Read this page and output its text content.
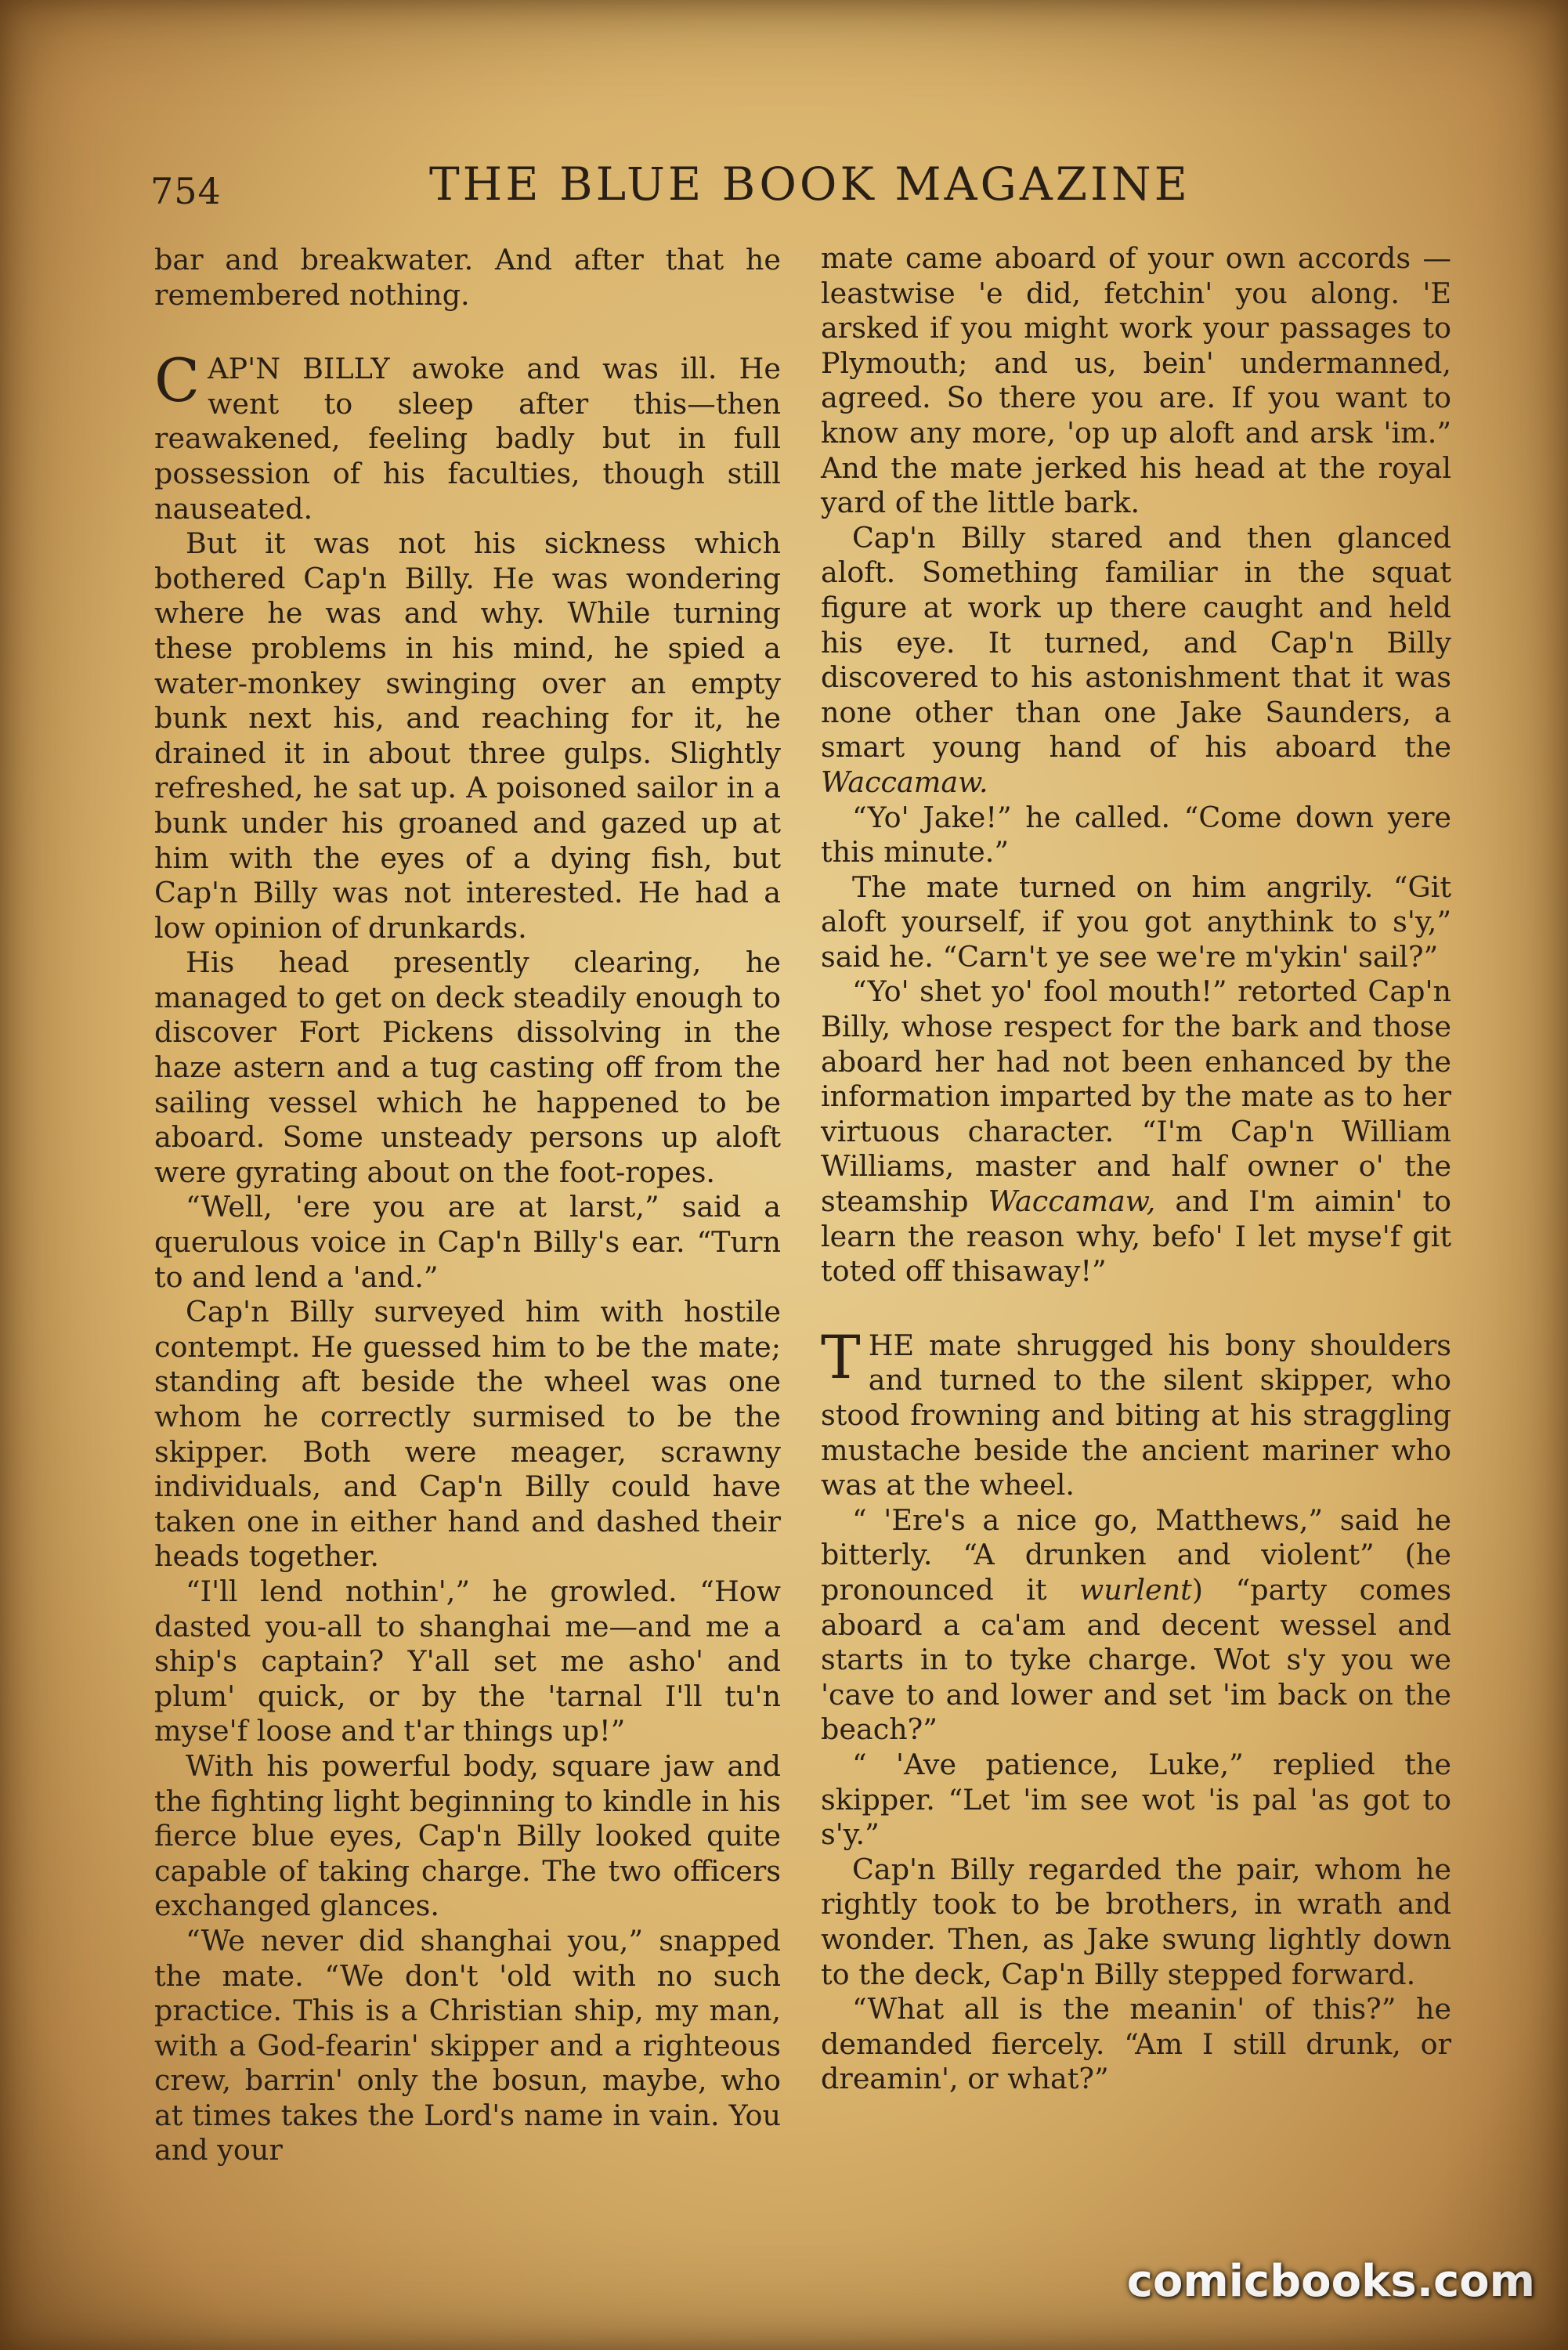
754	THE BLUE BOOK MAGAZINE

bar and breakwater. And after that he remembered nothing.

CAP'N BILLY awoke and was ill. He went to sleep after this—then reawakened, feeling badly but in full possession of his faculties, though still nauseated.

But it was not his sickness which bothered Cap'n Billy. He was wondering where he was and why. While turning these problems in his mind, he spied a water-monkey swinging over an empty bunk next his, and reaching for it, he drained it in about three gulps. Slightly refreshed, he sat up. A poisoned sailor in a bunk under his groaned and gazed up at him with the eyes of a dying fish, but Cap'n Billy was not interested. He had a low opinion of drunkards.

His head presently clearing, he managed to get on deck steadily enough to discover Fort Pickens dissolving in the haze astern and a tug casting off from the sailing vessel which he happened to be aboard. Some unsteady persons up aloft were gyrating about on the foot-ropes.

“Well, 'ere you are at larst,” said a querulous voice in Cap'n Billy's ear. “Turn to and lend a 'and.”

Cap'n Billy surveyed him with hostile contempt. He guessed him to be the mate; standing aft beside the wheel was one whom he correctly surmised to be the skipper. Both were meager, scrawny individuals, and Cap'n Billy could have taken one in either hand and dashed their heads together.

“I'll lend nothin',” he growled. “How dasted you-all to shanghai me—and me a ship's captain? Y'all set me asho' and plum' quick, or by the 'tarnal I'll tu'n myse'f loose and t'ar things up!”

With his powerful body, square jaw and the fighting light beginning to kindle in his fierce blue eyes, Cap'n Billy looked quite capable of taking charge. The two officers exchanged glances.

“We never did shanghai you,” snapped the mate. “We don't 'old with no such practice. This is a Christian ship, my man, with a God-fearin' skipper and a righteous crew, barrin' only the bosun, maybe, who at times takes the Lord's name in vain. You and your

mate came aboard of your own accords —leastwise 'e did, fetchin' you along. 'E arsked if you might work your passages to Plymouth; and us, bein' undermanned, agreed. So there you are. If you want to know any more, 'op up aloft and arsk 'im.” And the mate jerked his head at the royal yard of the little bark.

Cap'n Billy stared and then glanced aloft. Something familiar in the squat figure at work up there caught and held his eye. It turned, and Cap'n Billy discovered to his astonishment that it was none other than one Jake Saunders, a smart young hand of his aboard the Waccamaw.

“Yo' Jake!” he called. “Come down yere this minute.”

The mate turned on him angrily. “Git aloft yourself, if you got anythink to s'y,” said he. “Carn't ye see we're m'ykin' sail?”

“Yo' shet yo' fool mouth!” retorted Cap'n Billy, whose respect for the bark and those aboard her had not been enhanced by the information imparted by the mate as to her virtuous character. “I'm Cap'n William Williams, master and half owner o' the steamship Waccamaw, and I'm aimin' to learn the reason why, befo' I let myse'f git toted off thisaway!”

THE mate shrugged his bony shoulders and turned to the silent skipper, who stood frowning and biting at his straggling mustache beside the ancient mariner who was at the wheel.

“ 'Ere's a nice go, Matthews,” said he bitterly. “A drunken and violent” (he pronounced it wurlent) “party comes aboard a ca'am and decent wessel and starts in to tyke charge. Wot s'y you we 'cave to and lower and set 'im back on the beach?”

“ 'Ave patience, Luke,” replied the skipper. “Let 'im see wot 'is pal 'as got to s'y.”

Cap'n Billy regarded the pair, whom he rightly took to be brothers, in wrath and wonder. Then, as Jake swung lightly down to the deck, Cap'n Billy stepped forward.

“What all is the meanin' of this?” he demanded fiercely. “Am I still drunk, or dreamin', or what?”

comicbooks.com
